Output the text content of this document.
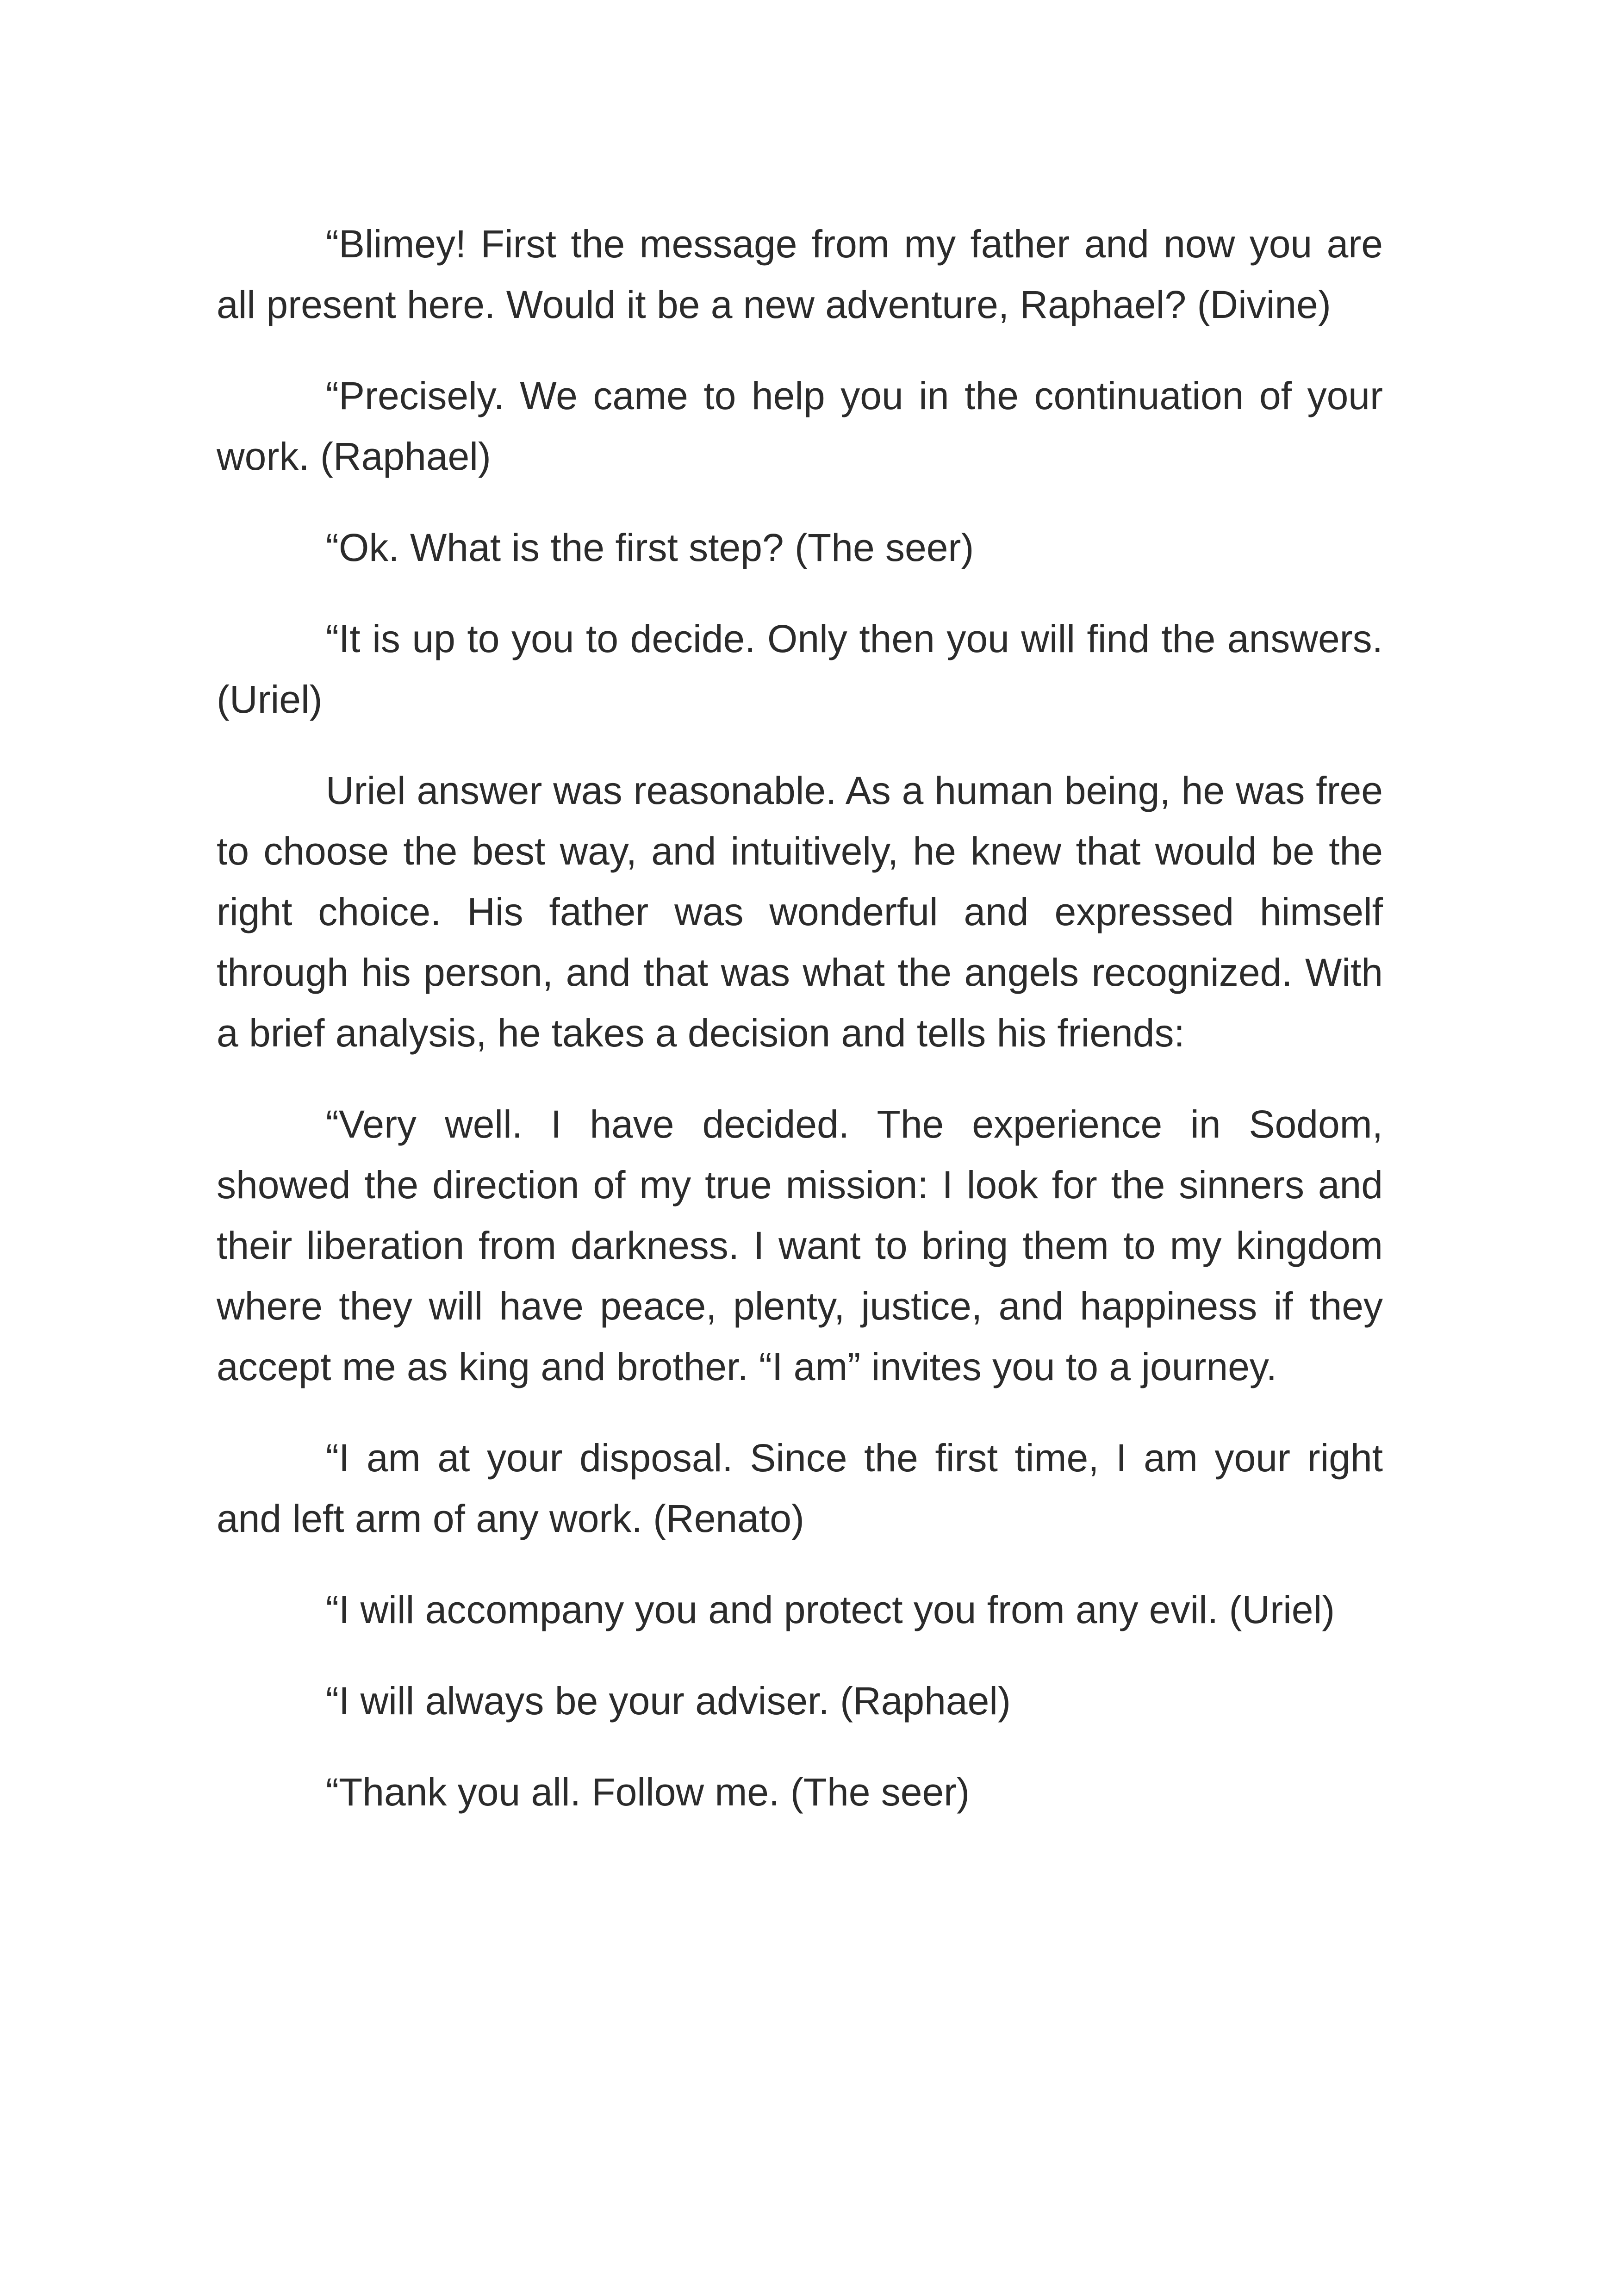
“Blimey! First the message from my father and now you are all present here. Would it be a new adventure, Raphael? (Divine)

“Precisely. We came to help you in the continuation of your work. (Raphael)

“Ok. What is the first step? (The seer)

“It is up to you to decide. Only then you will find the answers. (Uriel)

Uriel answer was reasonable. As a human being, he was free to choose the best way, and intuitively, he knew that would be the right choice. His father was wonderful and expressed himself through his person, and that was what the angels recognized. With a brief analysis, he takes a decision and tells his friends:

“Very well. I have decided. The experience in Sodom, showed the direction of my true mission: I look for the sinners and their liberation from darkness. I want to bring them to my kingdom where they will have peace, plenty, justice, and happiness if they accept me as king and brother. “I am” invites you to a journey.

“I am at your disposal. Since the first time, I am your right and left arm of any work. (Renato)

“I will accompany you and protect you from any evil. (Uriel)

“I will always be your adviser. (Raphael)

“Thank you all. Follow me. (The seer)
